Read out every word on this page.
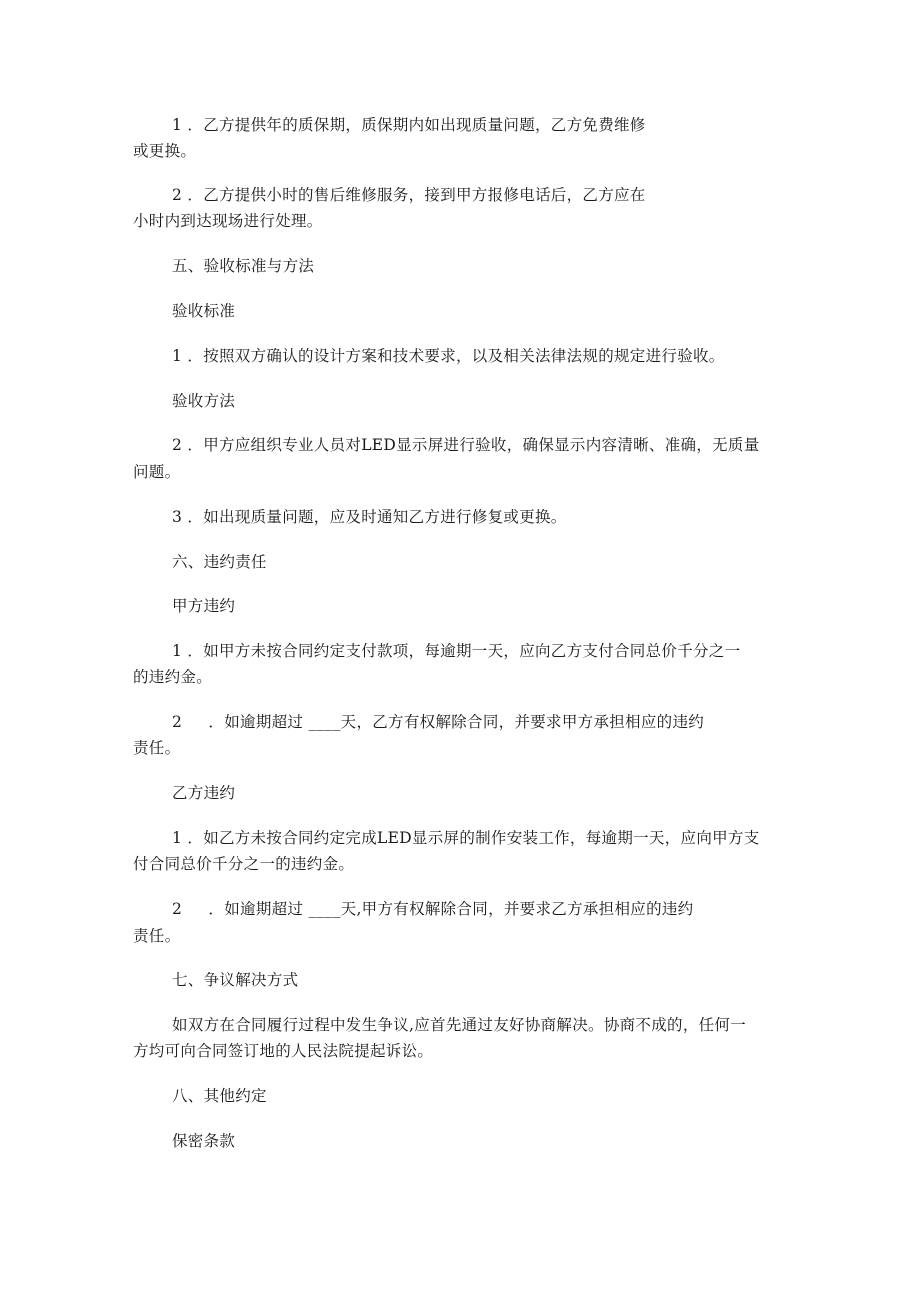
1 ．乙方提供年的质保期，质保期内如出现质量问题，乙方免费维修
或更换。
2 ．乙方提供小时的售后维修服务，接到甲方报修电话后，乙方应在
小时内到达现场进行处理。
五、验收标准与方法
验收标准
1 ．按照双方确认的设计方案和技术要求，以及相关法律法规的规定进行验收。
验收方法
2 ．甲方应组织专业人员对LED显示屏进行验收，确保显示内容清晰、准确，无质量
问题。
3 ．如出现质量问题，应及时通知乙方进行修复或更换。
六、违约责任
甲方违约
1 ．如甲方未按合同约定支付款项，每逾期一天，应向乙方支付合同总价千分之一
的违约金。
2 　 ．如逾期超过 ____天，乙方有权解除合同，并要求甲方承担相应的违约
责任。
乙方违约
1 ．如乙方未按合同约定完成LED显示屏的制作安装工作，每逾期一天，应向甲方支
付合同总价千分之一的违约金。
2 　 ．如逾期超过 ____天,甲方有权解除合同，并要求乙方承担相应的违约
责任。
七、争议解决方式
如双方在合同履行过程中发生争议,应首先通过友好协商解决。协商不成的，任何一
方均可向合同签订地的人民法院提起诉讼。
八、其他约定
保密条款
